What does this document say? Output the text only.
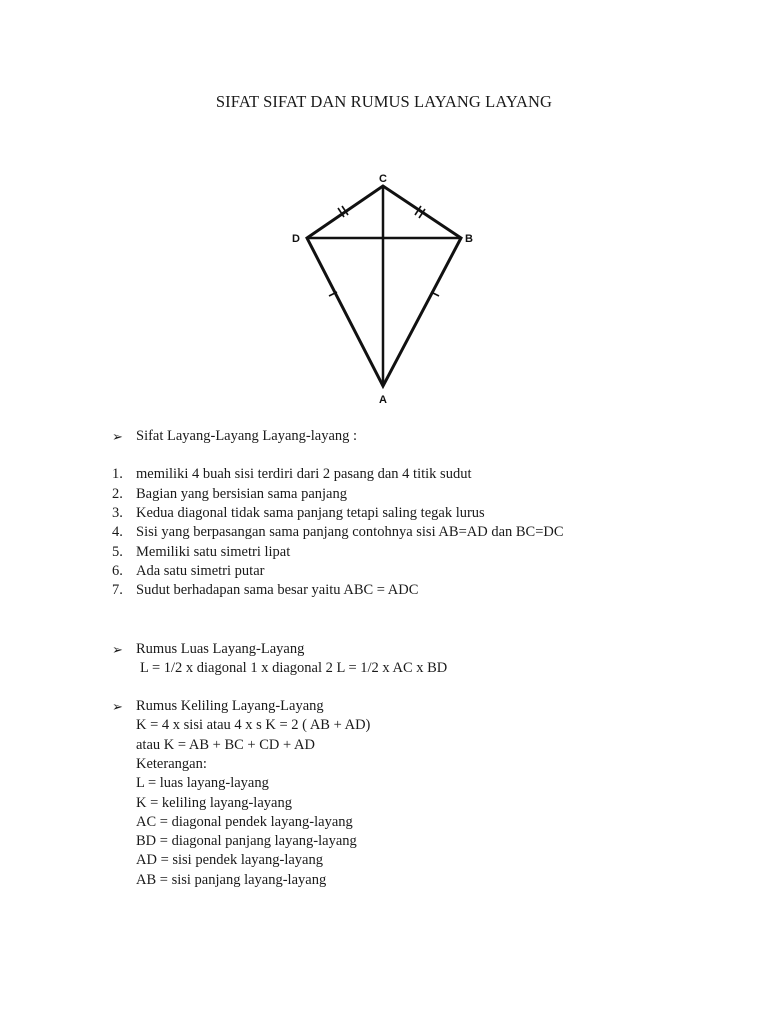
SIFAT SIFAT DAN RUMUS LAYANG LAYANG
C
D	B
A
➢ Sifat Layang-Layang Layang-layang :
1. memiliki 4 buah sisi terdiri dari 2 pasang dan 4 titik sudut
2. Bagian yang bersisian sama panjang
3. Kedua diagonal tidak sama panjang tetapi saling tegak lurus
4. Sisi yang berpasangan sama panjang contohnya sisi AB=AD dan BC=DC
5. Memiliki satu simetri lipat
6. Ada satu simetri putar
7. Sudut berhadapan sama besar yaitu ABC = ADC
➢ Rumus Luas Layang-Layang
L = 1/2 x diagonal 1 x diagonal 2 L = 1/2 x AC x BD
➢ Rumus Keliling Layang-Layang
K = 4 x sisi atau 4 x s K = 2 ( AB + AD)
atau K = AB + BC + CD + AD
Keterangan:
L = luas layang-layang
K = keliling layang-layang
AC = diagonal pendek layang-layang
BD = diagonal panjang layang-layang
AD = sisi pendek layang-layang
AB = sisi panjang layang-layang
